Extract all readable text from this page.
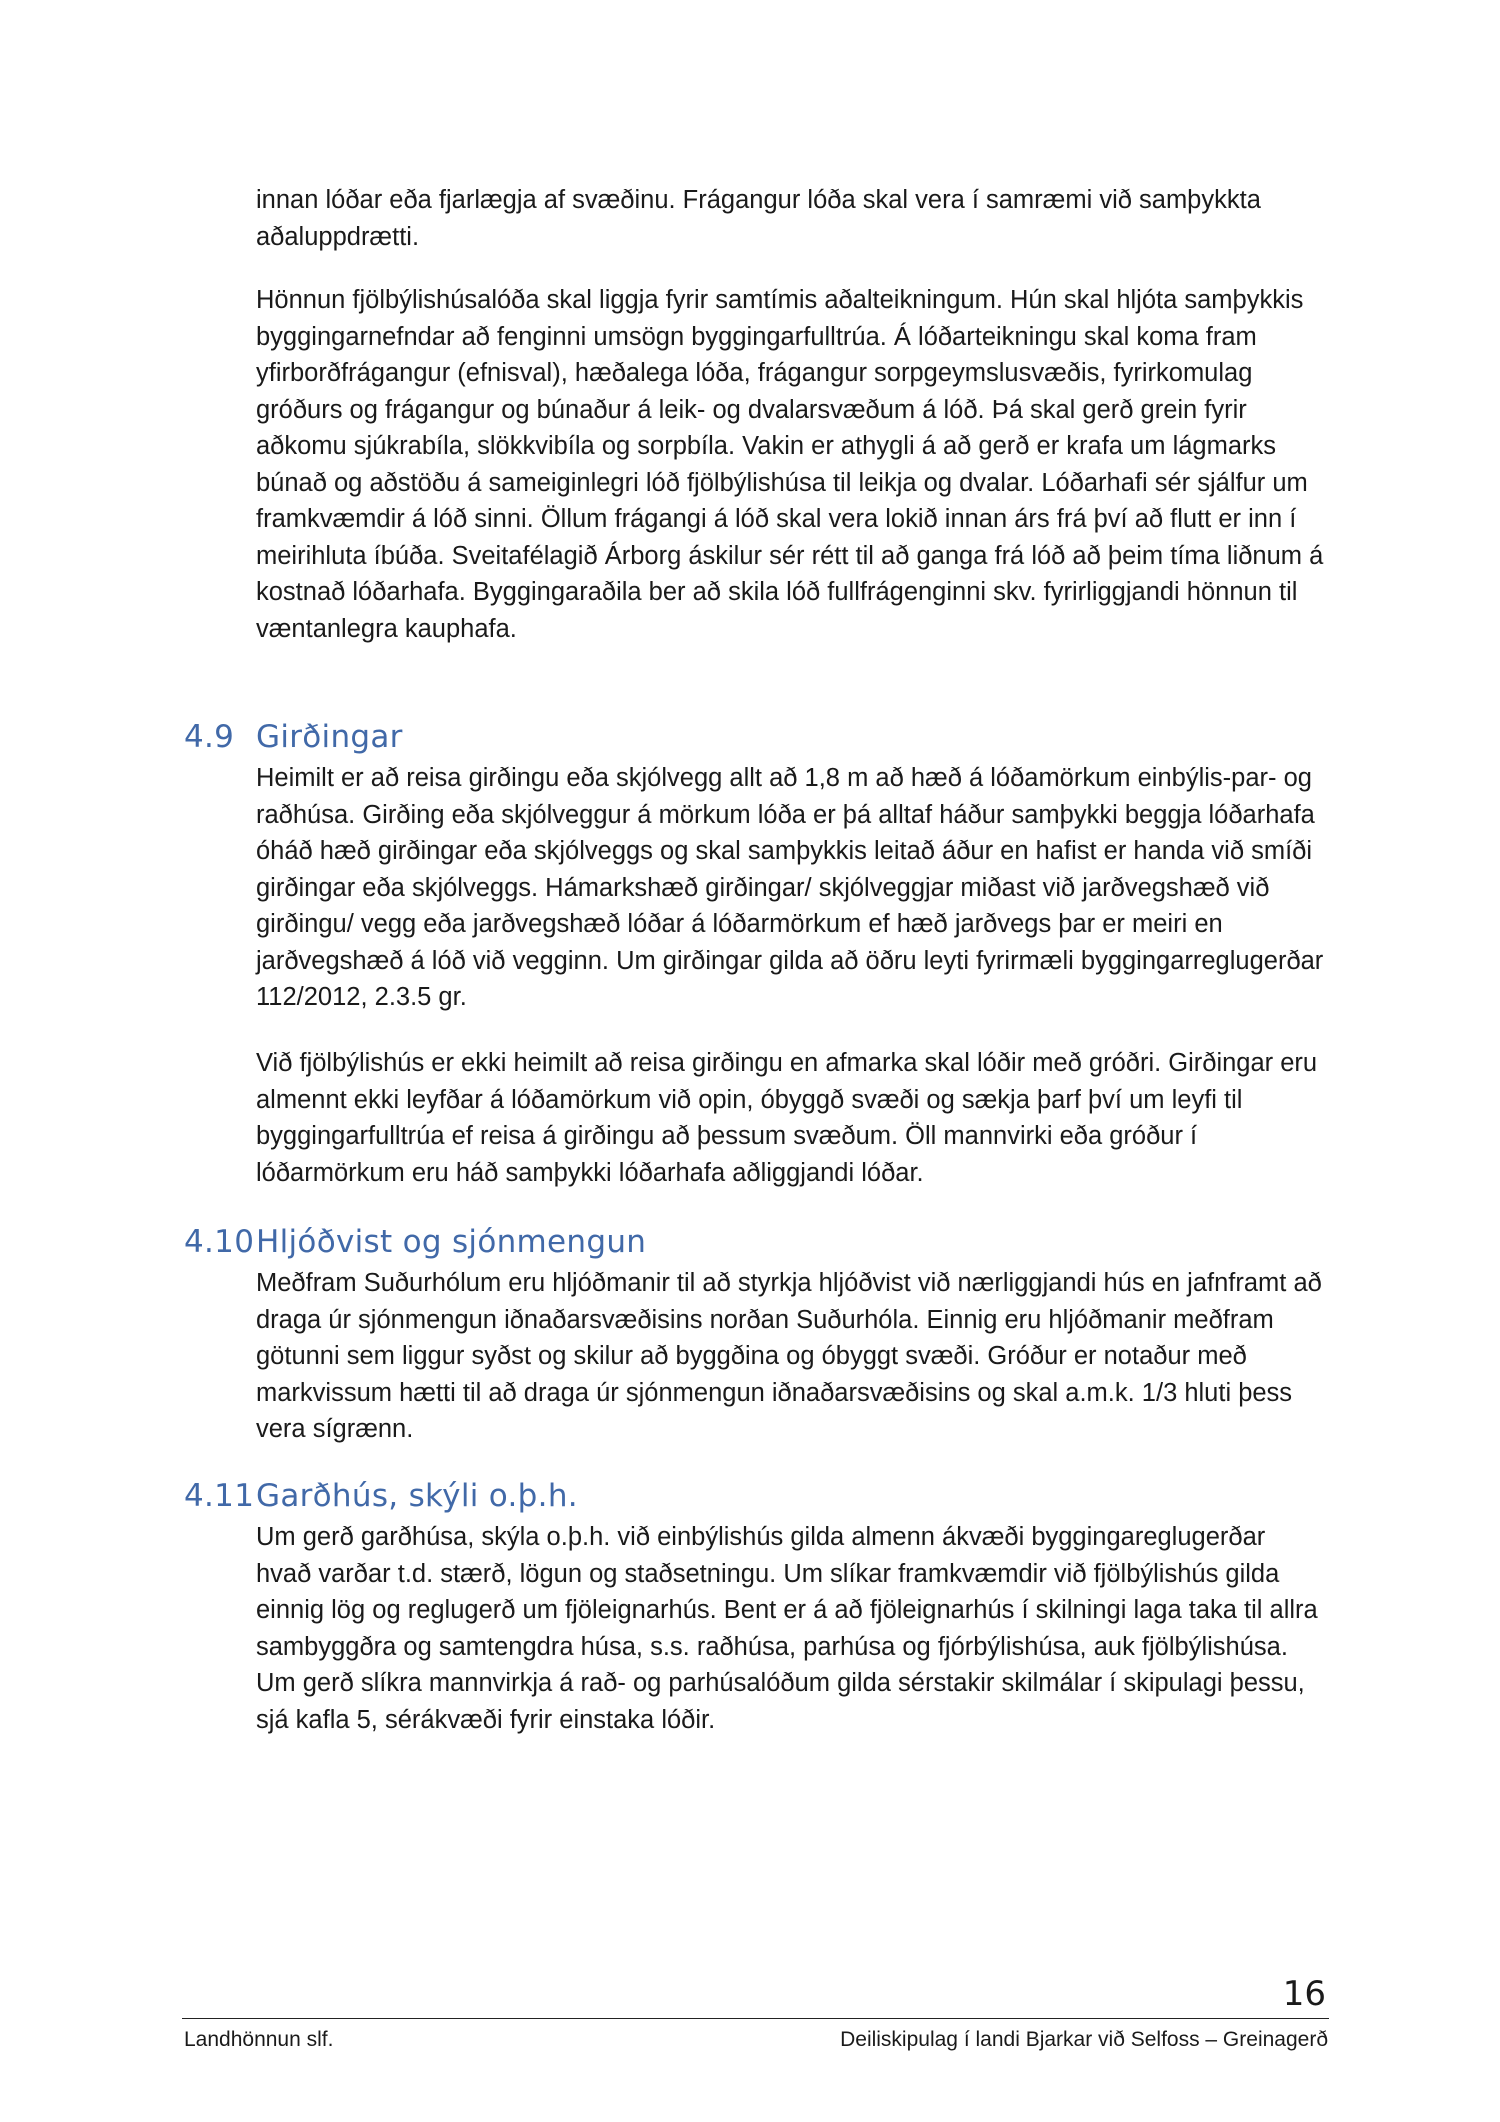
innan lóðar eða fjarlægja af svæðinu. Frágangur lóða skal vera í samræmi við samþykkta aðaluppdrætti.

Hönnun fjölbýlishúsalóða skal liggja fyrir samtímis aðalteikningum. Hún skal hljóta samþykkis byggingarnefndar að fenginni umsögn byggingarfulltrúa. Á lóðarteikningu skal koma fram yfirborðfrágangur (efnisval), hæðalega lóða, frágangur sorpgeymslusvæðis, fyrirkomulag gróðurs og frágangur og búnaður á leik- og dvalarsvæðum á lóð. Þá skal gerð grein fyrir aðkomu sjúkrabíla, slökkvibíla og sorpbíla. Vakin er athygli á að gerð er krafa um lágmarks búnað og aðstöðu á sameiginlegri lóð fjölbýlishúsa til leikja og dvalar. Lóðarhafi sér sjálfur um framkvæmdir á lóð sinni. Öllum frágangi á lóð skal vera lokið innan árs frá því að flutt er inn í meirihluta íbúða. Sveitafélagið Árborg áskilur sér rétt til að ganga frá lóð að þeim tíma liðnum á kostnað lóðarhafa. Byggingaraðila ber að skila lóð fullfrágenginni skv. fyrirliggjandi hönnun til væntanlegra kauphafa.

4.9 Girðingar

Heimilt er að reisa girðingu eða skjólvegg allt að 1,8 m að hæð á lóðamörkum einbýlis-par- og raðhúsa. Girðing eða skjólveggur á mörkum lóða er þá alltaf háður samþykki beggja lóðarhafa óháð hæð girðingar eða skjólveggs og skal samþykkis leitað áður en hafist er handa við smíði girðingar eða skjólveggs. Hámarkshæð girðingar/ skjólveggjar miðast við jarðvegshæð við girðingu/ vegg eða jarðvegshæð lóðar á lóðarmörkum ef hæð jarðvegs þar er meiri en jarðvegshæð á lóð við vegginn. Um girðingar gilda að öðru leyti fyrirmæli byggingarreglugerðar 112/2012, 2.3.5 gr.

Við fjölbýlishús er ekki heimilt að reisa girðingu en afmarka skal lóðir með gróðri. Girðingar eru almennt ekki leyfðar á lóðamörkum við opin, óbyggð svæði og sækja þarf því um leyfi til byggingarfulltrúa ef reisa á girðingu að þessum svæðum. Öll mannvirki eða gróður í lóðarmörkum eru háð samþykki lóðarhafa aðliggjandi lóðar.

4.10 Hljóðvist og sjónmengun

Meðfram Suðurhólum eru hljóðmanir til að styrkja hljóðvist við nærliggjandi hús en jafnframt að draga úr sjónmengun iðnaðarsvæðisins norðan Suðurhóla. Einnig eru hljóðmanir meðfram götunni sem liggur syðst og skilur að byggðina og óbyggt svæði. Gróður er notaður með markvissum hætti til að draga úr sjónmengun iðnaðarsvæðisins og skal a.m.k. 1/3 hluti þess vera sígrænn.

4.11 Garðhús, skýli o.þ.h.

Um gerð garðhúsa, skýla o.þ.h. við einbýlishús gilda almenn ákvæði byggingareglugerðar hvað varðar t.d. stærð, lögun og staðsetningu. Um slíkar framkvæmdir við fjölbýlishús gilda einnig lög og reglugerð um fjöleignarhús. Bent er á að fjöleignarhús í skilningi laga taka til allra sambyggðra og samtengdra húsa, s.s. raðhúsa, parhúsa og fjórbýlishúsa, auk fjölbýlishúsa. Um gerð slíkra mannvirkja á rað- og parhúsalóðum gilda sérstakir skilmálar í skipulagi þessu, sjá kafla 5, sérákvæði fyrir einstaka lóðir.

16
Landhönnun slf.	Deiliskipulag í landi Bjarkar við Selfoss – Greinagerð
